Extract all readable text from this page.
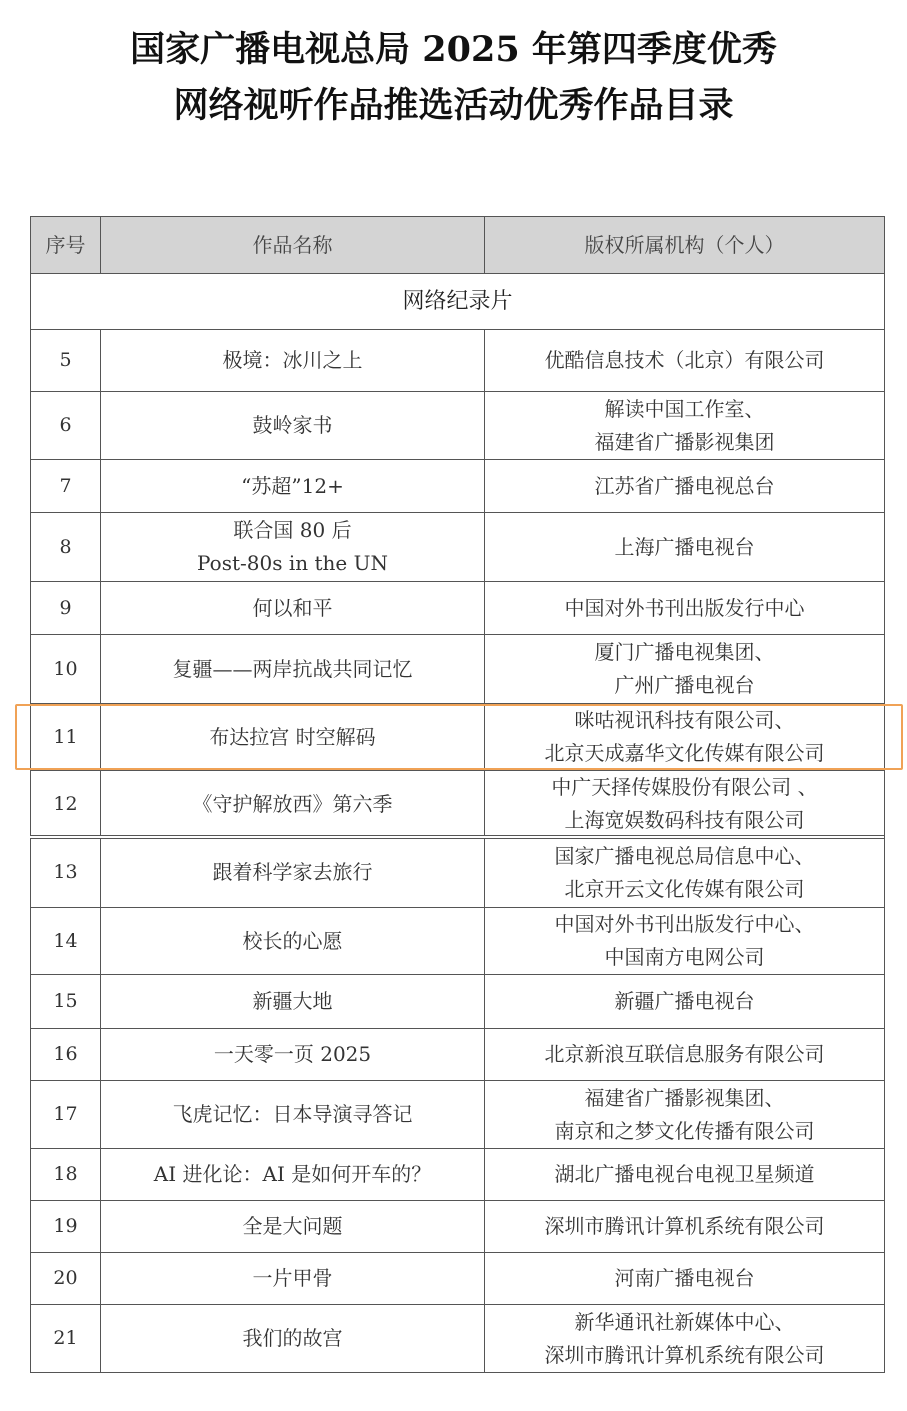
国家广播电视总局 2025 年第四季度优秀
网络视听作品推选活动优秀作品目录
序号	作品名称	版权所属机构（个人）
网络纪录片		
5	极境：冰川之上	优酷信息技术（北京）有限公司

6	鼓岭家书	解读中国工作室、
福建省广播影视集团

7	“苏超”12+	江苏省广播电视总台

8	联合国 80 后
Post-80s in the UN	上海广播电视台

9	何以和平	中国对外书刊出版发行中心

10	复疆——两岸抗战共同记忆	厦门广播电视集团、
广州广播电视台

11	布达拉宫 时空解码	咪咕视讯科技有限公司、
北京天成嘉华文化传媒有限公司

12	《守护解放西》第六季	中广天择传媒股份有限公司 、
上海宽娱数码科技有限公司

13	跟着科学家去旅行	国家广播电视总局信息中心、
北京开云文化传媒有限公司

14	校长的心愿	中国对外书刊出版发行中心、
中国南方电网公司

15	新疆大地	新疆广播电视台

16	一天零一页 2025	北京新浪互联信息服务有限公司

17	飞虎记忆：日本导演寻答记	福建省广播影视集团、
南京和之梦文化传播有限公司

18	AI 进化论：AI 是如何开车的？	湖北广播电视台电视卫星频道

19	全是大问题	深圳市腾讯计算机系统有限公司

20	一片甲骨	河南广播电视台

21	我们的故宫	新华通讯社新媒体中心、
深圳市腾讯计算机系统有限公司
